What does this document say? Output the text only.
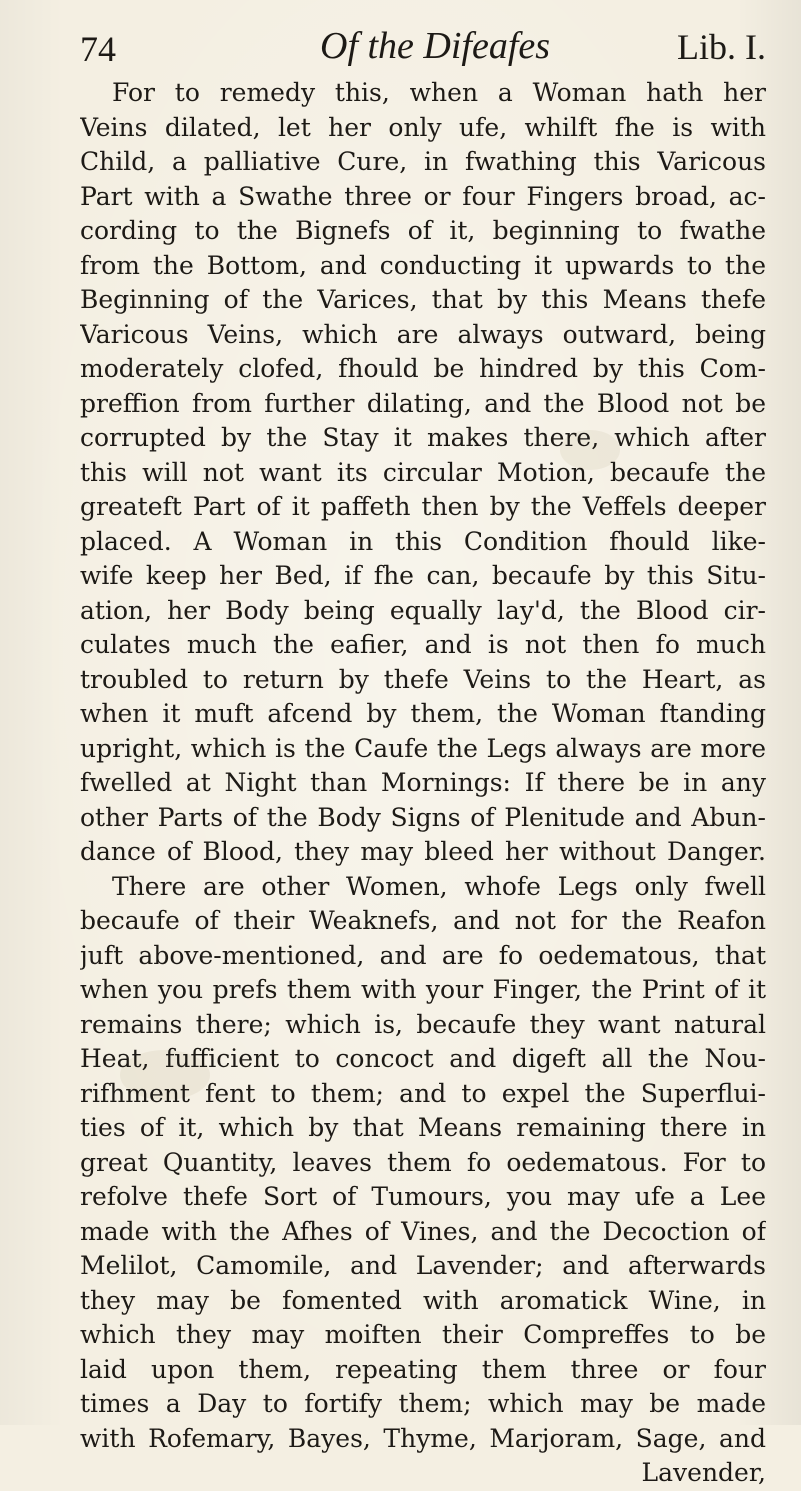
74	Of the Difeafes	Lib. I.
For to remedy this, when a Woman hath her
Veins dilated, let her only ufe, whilft fhe is with
Child, a palliative Cure, in fwathing this Varicous
Part with a Swathe three or four Fingers broad, ac-
cording to the Bignefs of it, beginning to fwathe
from the Bottom, and conducting it upwards to the
Beginning of the Varices, that by this Means thefe
Varicous Veins, which are always outward, being
moderately clofed, fhould be hindred by this Com-
preffion from further dilating, and the Blood not be
corrupted by the Stay it makes there, which after
this will not want its circular Motion, becaufe the
greateft Part of it paffeth then by the Veffels deeper
placed. A Woman in this Condition fhould like-
wife keep her Bed, if fhe can, becaufe by this Situ-
ation, her Body being equally lay'd, the Blood cir-
culates much the eafier, and is not then fo much
troubled to return by thefe Veins to the Heart, as
when it muft afcend by them, the Woman ftanding
upright, which is the Caufe the Legs always are more
fwelled at Night than Mornings: If there be in any
other Parts of the Body Signs of Plenitude and Abun-
dance of Blood, they may bleed her without Danger.
There are other Women, whofe Legs only fwell
becaufe of their Weaknefs, and not for the Reafon
juft above-mentioned, and are fo oedematous, that
when you prefs them with your Finger, the Print of it
remains there; which is, becaufe they want natural
Heat, fufficient to concoct and digeft all the Nou-
rifhment fent to them; and to expel the Superflui-
ties of it, which by that Means remaining there in
great Quantity, leaves them fo oedematous. For to
refolve thefe Sort of Tumours, you may ufe a Lee
made with the Afhes of Vines, and the Decoction of
Melilot, Camomile, and Lavender; and afterwards
they may be fomented with aromatick Wine, in
which they may moiften their Compreffes to be
laid upon them, repeating them three or four
times a Day to fortify them; which may be made
with Rofemary, Bayes, Thyme, Marjoram, Sage, and
Lavender,
